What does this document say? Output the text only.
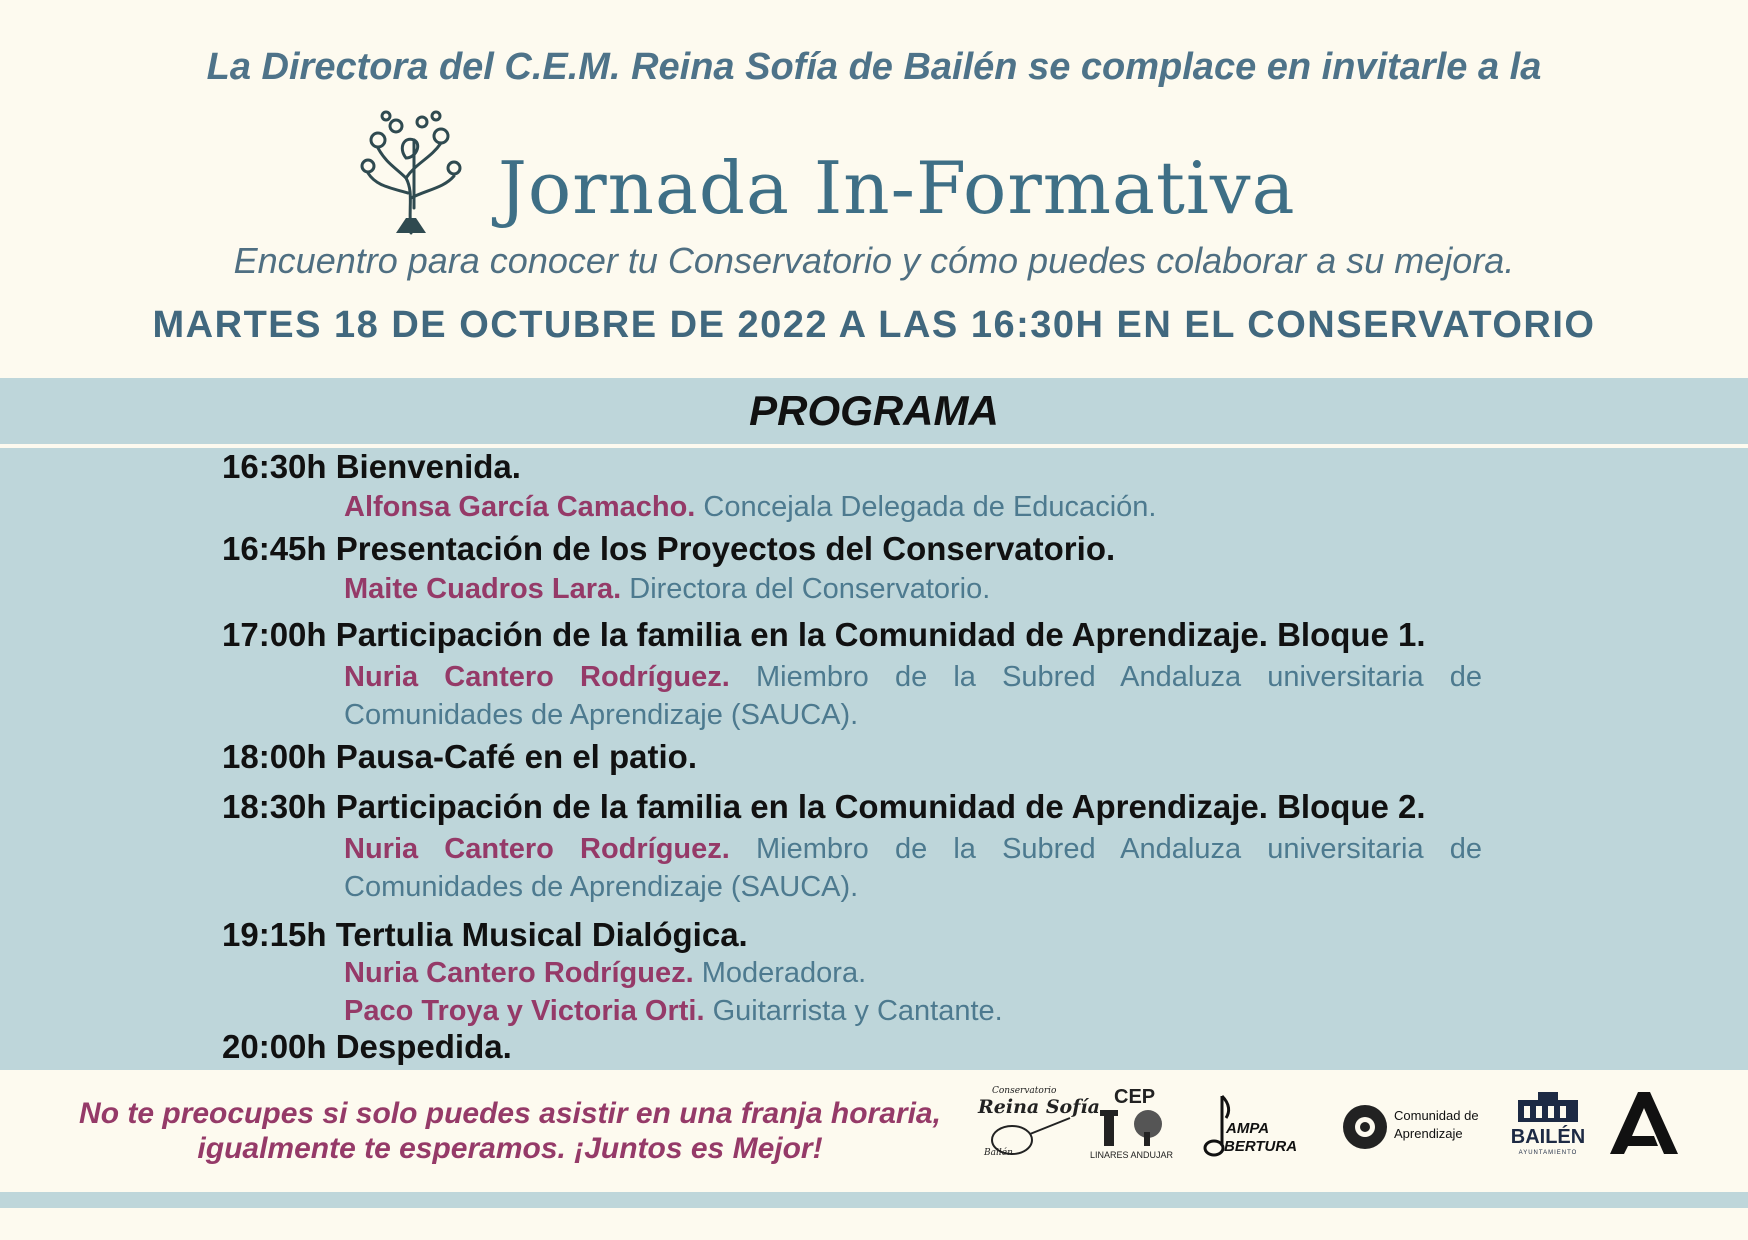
La Directora del C.E.M. Reina Sofía de Bailén se complace en invitarle a la
Jornada In-Formativa
Encuentro para conocer tu Conservatorio y cómo puedes colaborar a su mejora.
MARTES 18 DE OCTUBRE DE 2022 A LAS 16:30H EN EL CONSERVATORIO
PROGRAMA
16:30h Bienvenida.
Alfonsa García Camacho. Concejala Delegada de Educación.
16:45h Presentación de los Proyectos del Conservatorio.
Maite Cuadros Lara. Directora del Conservatorio.
17:00h Participación de la familia en la Comunidad de Aprendizaje. Bloque 1.
Nuria Cantero Rodríguez. Miembro de la Subred Andaluza universitaria de Comunidades de Aprendizaje (SAUCA).
18:00h Pausa-Café en el patio.
18:30h Participación de la familia en la Comunidad de Aprendizaje. Bloque 2.
Nuria Cantero Rodríguez. Miembro de la Subred Andaluza universitaria de Comunidades de Aprendizaje (SAUCA).
19:15h Tertulia Musical Dialógica.
Nuria Cantero Rodríguez. Moderadora.
Paco Troya y Victoria Orti. Guitarrista y Cantante.
20:00h Despedida.
No te preocupes si solo puedes asistir en una franja horaria,
igualmente te esperamos. ¡Juntos es Mejor!
Conservatorio
Reina Sofía
Bailén
CEP
LINARES ANDUJAR
AMPA
BERTURA
Comunidad de
Aprendizaje BAILÉN
AYUNTAMIENTO
